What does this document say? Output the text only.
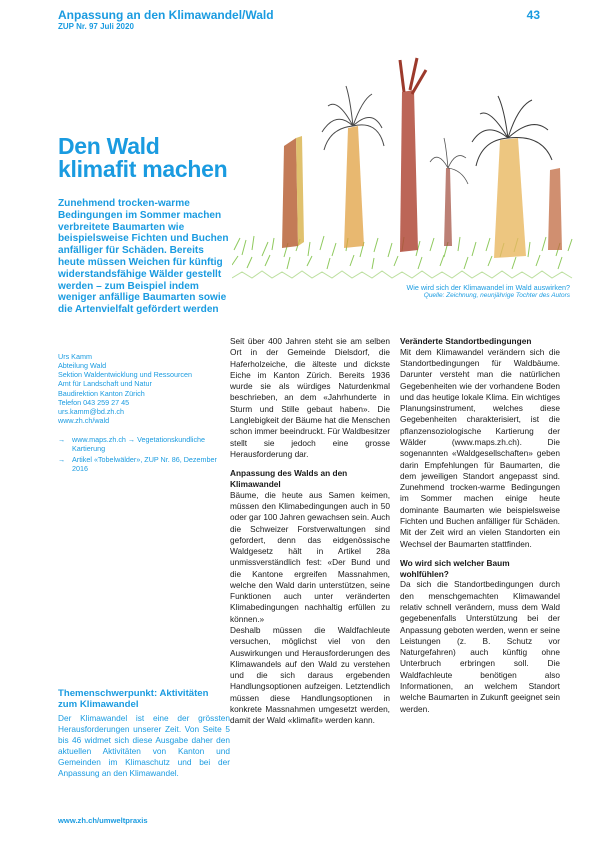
Anpassung an den Klimawandel/Wald
ZUP Nr. 97 Juli 2020
43
Wie wird sich der Klimawandel im Wald auswirken?
Quelle: Zeichnung, neunjährige Tochter des Autors
Den Wald klimafit machen
Zunehmend trocken-warme Bedingungen im Sommer machen verbreitete Baumarten wie beispielsweise Fichten und Buchen anfälliger für Schäden. Bereits heute müssen Weichen für künftig widerstandsfähige Wälder gestellt werden – zum Beispiel indem weniger anfällige Baumarten sowie die Artenvielfalt gefördert werden
Urs Kamm
Abteilung Wald
Sektion Waldentwicklung und Ressourcen
Amt für Landschaft und Natur
Baudirektion Kanton Zürich
Telefon 043 259 27 45
urs.kamm@bd.zh.ch
www.zh.ch/wald
→ www.maps.zh.ch → Vegetationskundliche Kartierung
→ Artikel «Tobelwälder», ZUP Nr. 86, Dezember 2016
Themenschwerpunkt: Aktivitäten zum Klimawandel
Der Klimawandel ist eine der grössten Herausforderungen unserer Zeit. Von Seite 5 bis 46 widmet sich diese Ausgabe daher den aktuellen Aktivitäten von Kanton und Gemeinden im Klimaschutz und bei der Anpassung an den Klimawandel.

Seit über 400 Jahren steht sie am selben Ort in der Gemeinde Dielsdorf, die Haferholzeiche, die älteste und dickste Eiche im Kanton Zürich. Bereits 1936 wurde sie als würdiges Naturdenkmal beschrieben, an dem «Jahrhunderte in Sturm und Stille gebaut haben». Die Langlebigkeit der Bäume hat die Menschen schon immer beeindruckt. Für Waldbesitzer stellt sie jedoch eine grosse Herausforderung dar.

Anpassung des Walds an den Klimawandel

Bäume, die heute aus Samen keimen, müssen den Klimabedingungen auch in 50 oder gar 100 Jahren gewachsen sein. Auch die Schweizer Forstverwaltungen sind gefordert, denn das eidgenössische Waldgesetz hält in Artikel 28a unmissverständlich fest: «Der Bund und die Kantone ergreifen Massnahmen, welche den Wald darin unterstützen, seine Funktionen auch unter veränderten Klimabedingungen nachhaltig erfüllen zu können.»

Deshalb müssen die Waldfachleute versuchen, möglichst viel von den Auswirkungen und Herausforderungen des Klimawandels auf den Wald zu verstehen und die sich daraus ergebenden Handlungsoptionen aufzeigen. Letztendlich müssen diese Handlungsoptionen in konkrete Massnahmen umgesetzt werden, damit der Wald «klimafit» werden kann.

Veränderte Standortbedingungen

Mit dem Klimawandel verändern sich die Standortbedingungen für Waldbäume. Darunter versteht man die natürlichen Gegebenheiten wie der vorhandene Boden und das heutige lokale Klima. Ein wichtiges Planungsinstrument, welches diese Gegebenheiten charakterisiert, ist die pflanzensoziologische Kartierung der Wälder (www.maps.zh.ch). Die sogenannten «Waldgesellschaften» geben darin Empfehlungen für Baumarten, die dem jeweiligen Standort angepasst sind. Zunehmend trocken-warme Bedingungen im Sommer machen einige heute dominante Baumarten wie beispielsweise Fichten und Buchen anfälliger für Schäden. Mit der Zeit wird an vielen Standorten ein Wechsel der Baumarten stattfinden.

Wo wird sich welcher Baum wohlfühlen?

Da sich die Standortbedingungen durch den menschgemachten Klimawandel relativ schnell verändern, muss dem Wald gegebenenfalls Unterstützung bei der Anpassung geboten werden, wenn er seine Leistungen (z. B. Schutz vor Naturgefahren) auch künftig ohne Unterbruch erbringen soll. Die Waldfachleute benötigen also Informationen, an welchem Standort welche Baumarten in Zukunft geeignet sein werden.

www.zh.ch/umweltpraxis
